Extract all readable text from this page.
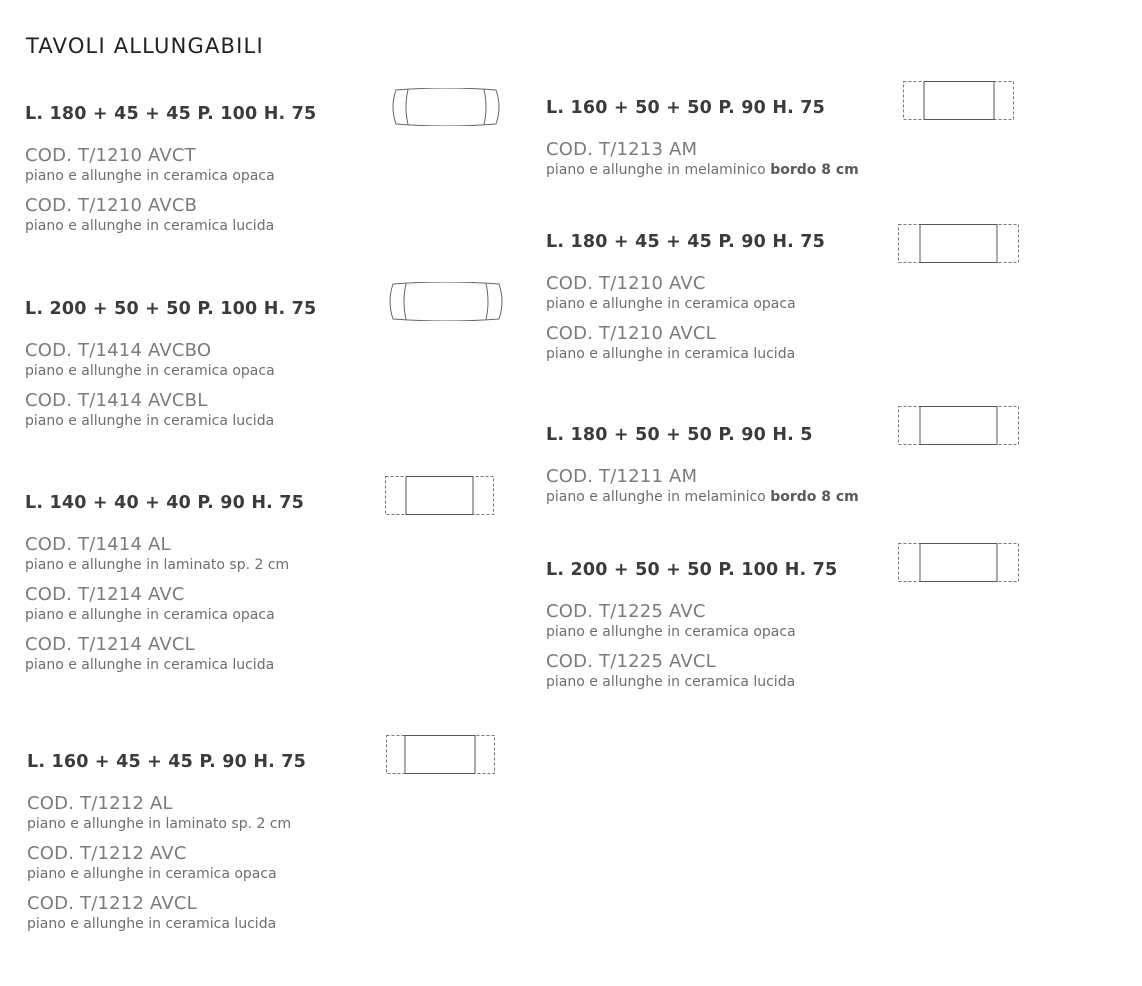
TAVOLI ALLUNGABILI
L. 180 + 45 + 45 P. 100 H. 75
COD. T/1210 AVCT
piano e allunghe in ceramica opaca
COD. T/1210 AVCB
piano e allunghe in ceramica lucida
L. 200 + 50 + 50 P. 100 H. 75
COD. T/1414 AVCBO
piano e allunghe in ceramica opaca
COD. T/1414 AVCBL
piano e allunghe in ceramica lucida
L. 140 + 40 + 40 P. 90 H. 75
COD. T/1414 AL
piano e allunghe in laminato sp. 2 cm
COD. T/1214 AVC
piano e allunghe in ceramica opaca
COD. T/1214 AVCL
piano e allunghe in ceramica lucida
L. 160 + 45 + 45 P. 90 H. 75
COD. T/1212 AL
piano e allunghe in laminato sp. 2 cm
COD. T/1212 AVC
piano e allunghe in ceramica opaca
COD. T/1212 AVCL
piano e allunghe in ceramica lucida
L. 160 + 50 + 50 P. 90 H. 75
COD. T/1213 AM
piano e allunghe in melaminico bordo 8 cm
L. 180 + 45 + 45 P. 90 H. 75
COD. T/1210 AVC
piano e allunghe in ceramica opaca
COD. T/1210 AVCL
piano e allunghe in ceramica lucida
L. 180 + 50 + 50 P. 90 H. 5
COD. T/1211 AM
piano e allunghe in melaminico bordo 8 cm
L. 200 + 50 + 50 P. 100 H. 75
COD. T/1225 AVC
piano e allunghe in ceramica opaca
COD. T/1225 AVCL
piano e allunghe in ceramica lucida
